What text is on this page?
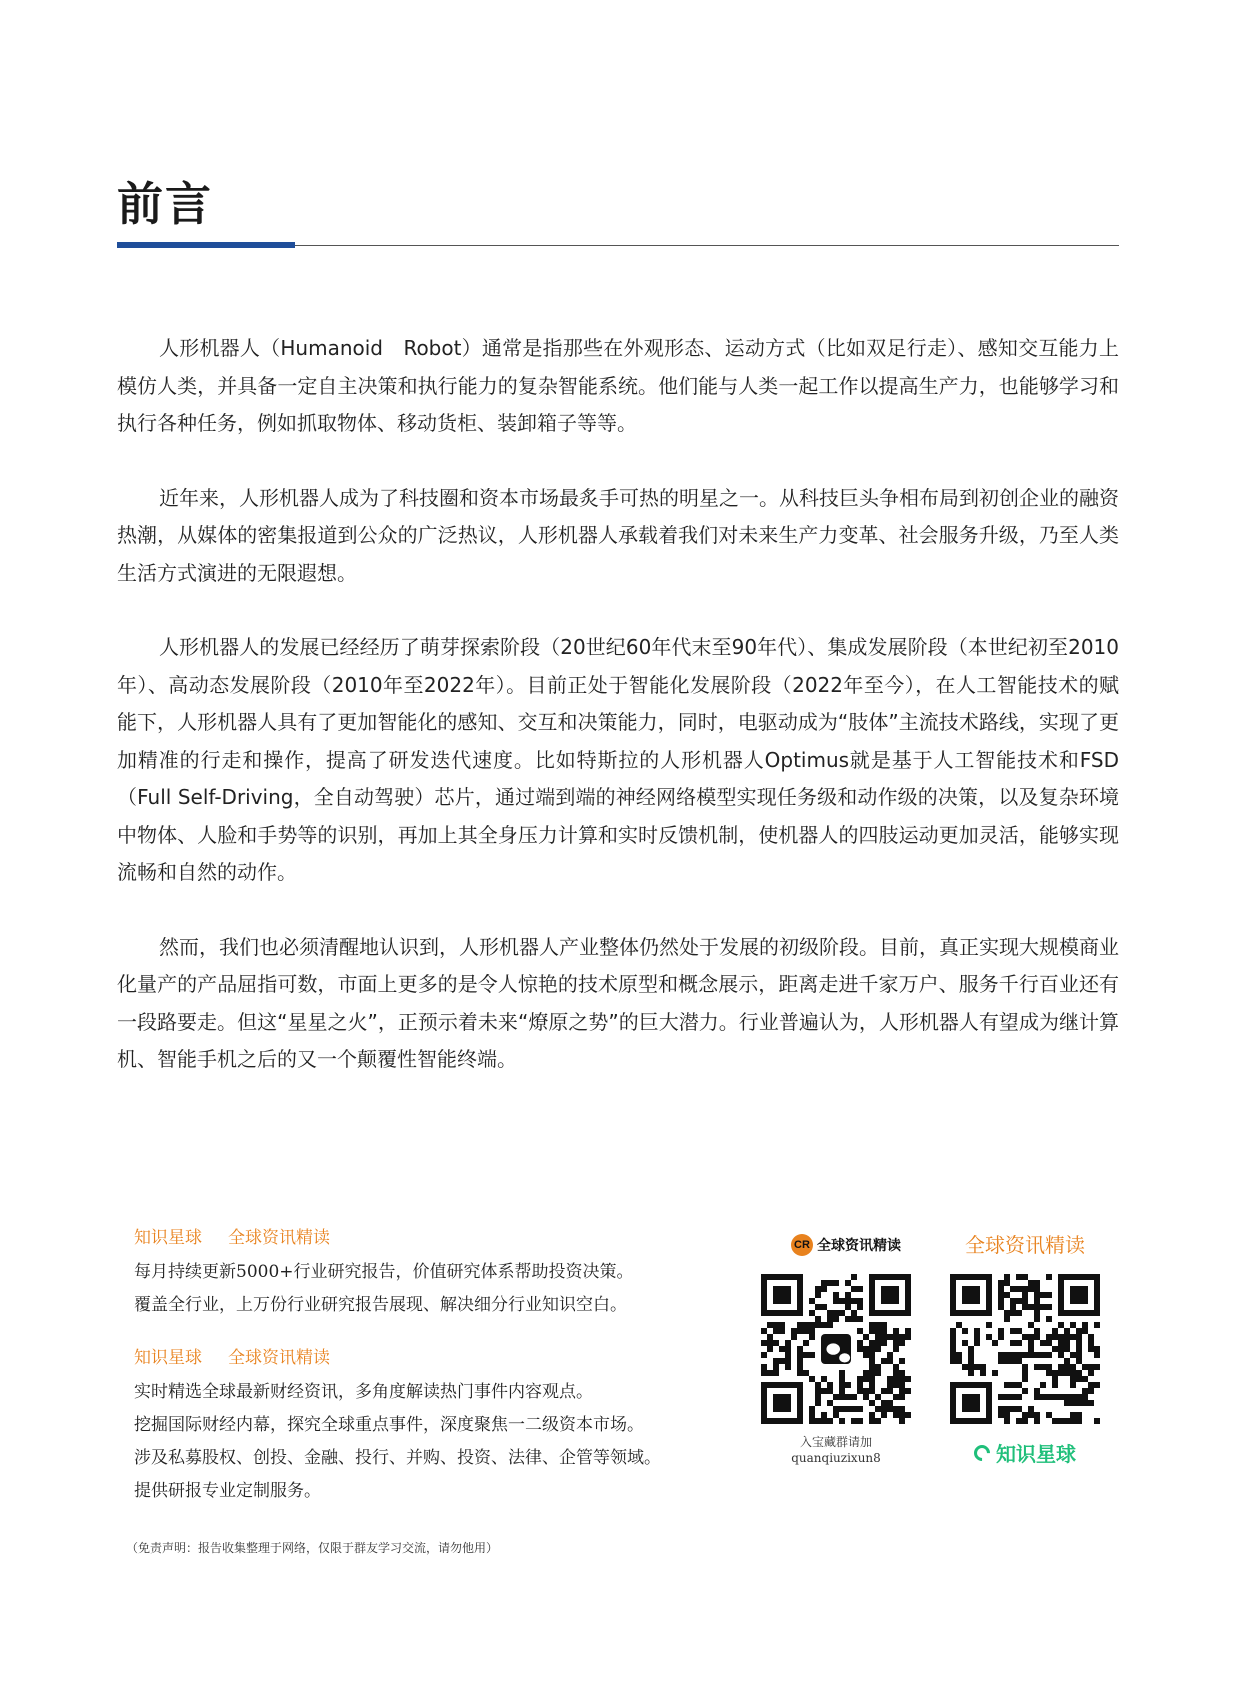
前言

人形机器人（Humanoid　Robot）通常是指那些在外观形态、运动方式（比如双足行走）、感知交互能力上模仿人类，并具备一定自主决策和执行能力的复杂智能系统。他们能与人类一起工作以提高生产力，也能够学习和执行各种任务，例如抓取物体、移动货柜、装卸箱子等等。

近年来，人形机器人成为了科技圈和资本市场最炙手可热的明星之一。从科技巨头争相布局到初创企业的融资热潮，从媒体的密集报道到公众的广泛热议，人形机器人承载着我们对未来生产力变革、社会服务升级，乃至人类生活方式演进的无限遐想。

人形机器人的发展已经经历了萌芽探索阶段（20世纪60年代末至90年代）、集成发展阶段（本世纪初至2010年）、高动态发展阶段（2010年至2022年）。目前正处于智能化发展阶段（2022年至今），在人工智能技术的赋能下，人形机器人具有了更加智能化的感知、交互和决策能力，同时，电驱动成为“肢体”主流技术路线，实现了更加精准的行走和操作，提高了研发迭代速度。比如特斯拉的人形机器人Optimus就是基于人工智能技术和FSD（Full Self-Driving，全自动驾驶）芯片，通过端到端的神经网络模型实现任务级和动作级的决策，以及复杂环境中物体、人脸和手势等的识别，再加上其全身压力计算和实时反馈机制，使机器人的四肢运动更加灵活，能够实现流畅和自然的动作。

然而，我们也必须清醒地认识到，人形机器人产业整体仍然处于发展的初级阶段。目前，真正实现大规模商业化量产的产品屈指可数，市面上更多的是令人惊艳的技术原型和概念展示，距离走进千家万户、服务千行百业还有一段路要走。但这“星星之火”，正预示着未来“燎原之势”的巨大潜力。行业普遍认为，人形机器人有望成为继计算机、智能手机之后的又一个颠覆性智能终端。

知识星球 全球资讯精读
每月持续更新5000+行业研究报告，价值研究体系帮助投资决策。
覆盖全行业，上万份行业研究报告展现、解决细分行业知识空白。
知识星球 全球资讯精读
实时精选全球最新财经资讯，多角度解读热门事件内容观点。
挖掘国际财经内幕，探究全球重点事件，深度聚焦一二级资本市场。
涉及私募股权、创投、金融、投行、并购、投资、法律、企管等领域。
提供研报专业定制服务。
CR 全球资讯精读
入宝藏群请加
quanqiuzixun8
全球资讯精读
知识星球
（免责声明：报告收集整理于网络，仅限于群友学习交流，请勿他用）
